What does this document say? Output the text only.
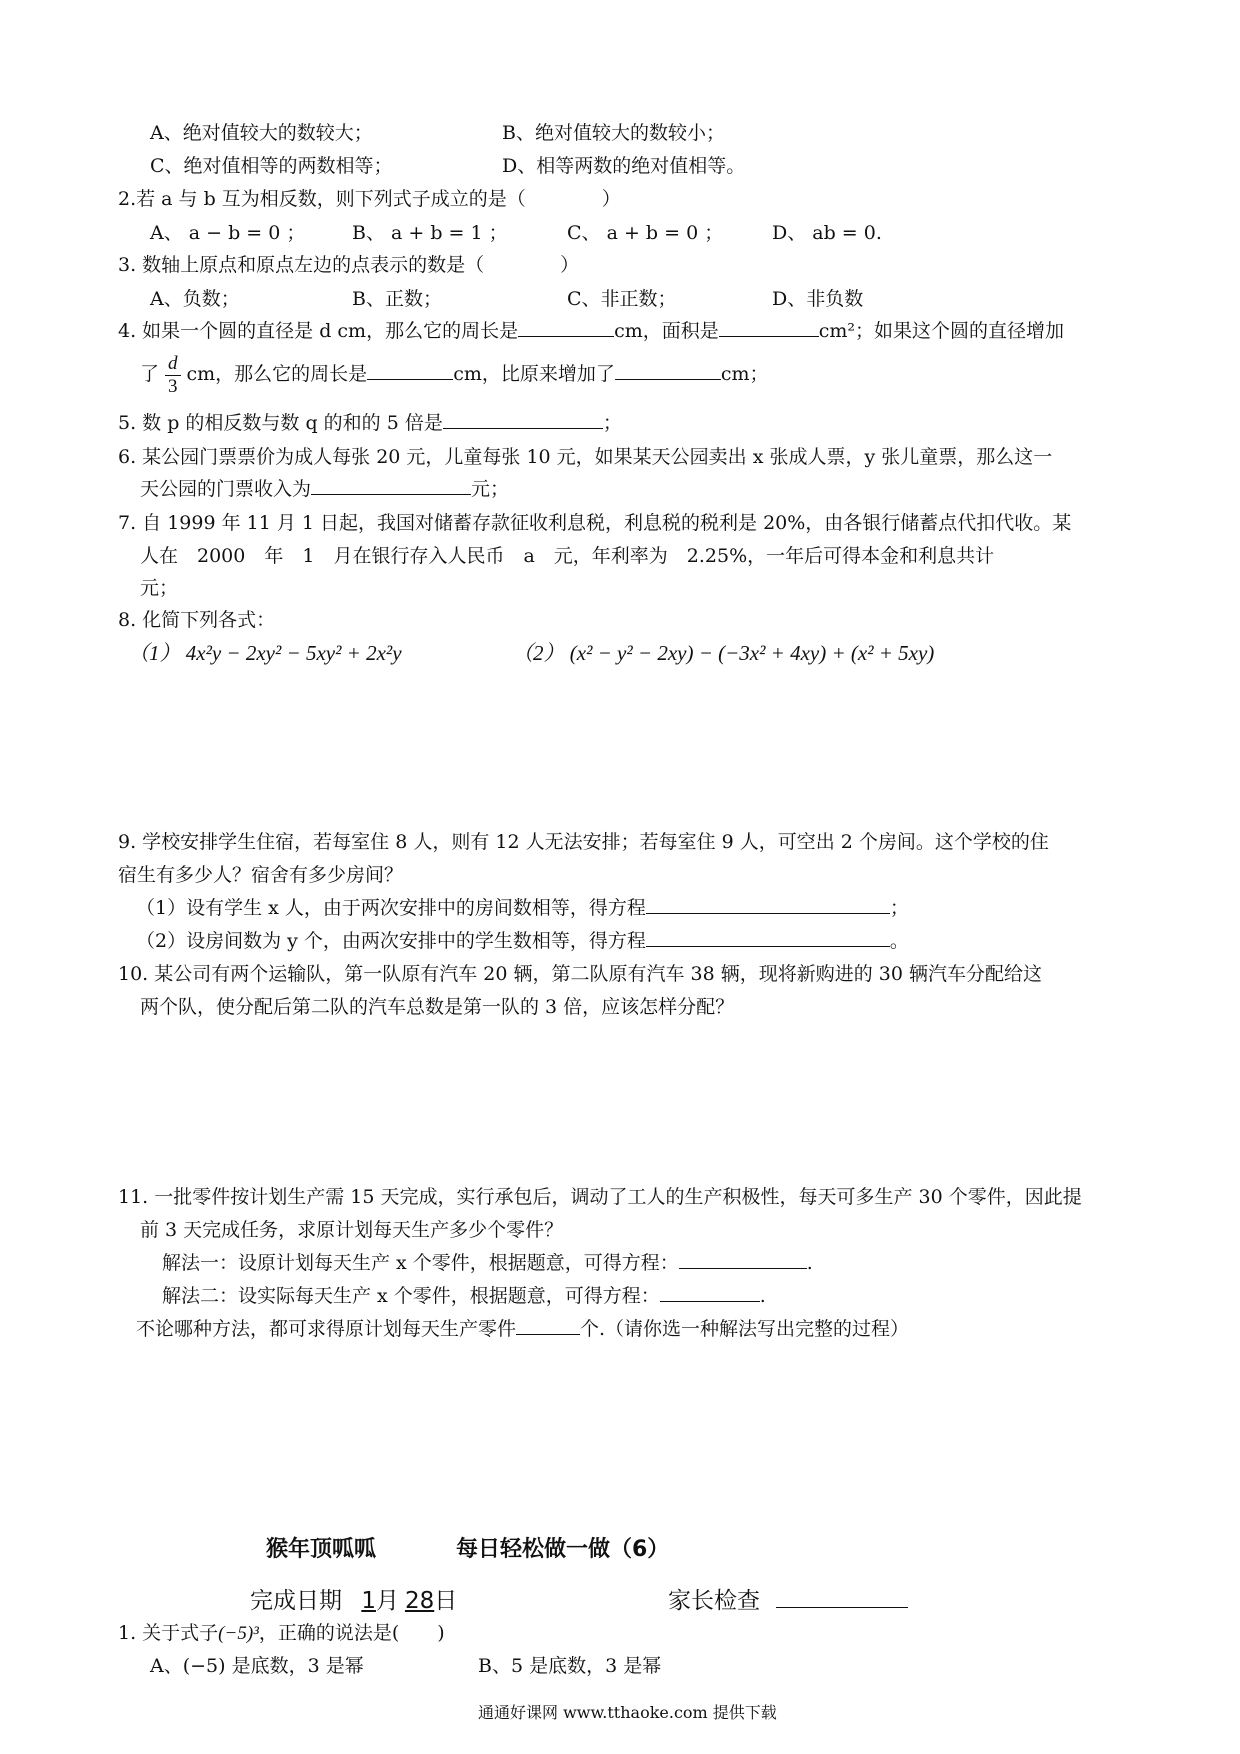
A、绝对值较大的数较大；	B、绝对值较大的数较小；
C、绝对值相等的两数相等；	D、相等两数的绝对值相等。
2.若 a 与 b 互为相反数，则下列式子成立的是（　　　　）
A、 a − b = 0 ； B、 a + b = 1 ；	C、 a + b = 0 ；	D、 ab = 0.
3. 数轴上原点和原点左边的点表示的数是（　　　　）
A、负数；	B、正数；	C、非正数；	D、非负数
4. 如果一个圆的直径是 d cm，那么它的周长是	cm，面积是	cm²；如果这个圆的直径增加
了 $\frac{d}{3}$ cm，那么它的周长是	cm，比原来增加了	cm；
5. 数 p 的相反数与数 q 的和的 5 倍是	；
6. 某公园门票票价为成人每张 20 元，儿童每张 10 元，如果某天公园卖出 x 张成人票，y 张儿童票，那么这一
天公园的门票收入为	元；
7. 自 1999 年 11 月 1 日起，我国对储蓄存款征收利息税，利息税的税利是 20%，由各银行储蓄点代扣代收。某
人在　2000　年　1　月在银行存入人民币　a　元，年利率为　2.25%，一年后可得本金和利息共计
元；
8. 化简下列各式：
（1） 4x²y − 2xy² − 5xy² + 2x²y	（2） (x² − y² − 2xy) − (−3x² + 4xy) + (x² + 5xy)
9. 学校安排学生住宿，若每室住 8 人，则有 12 人无法安排；若每室住 9 人，可空出 2 个房间。这个学校的住
宿生有多少人？宿舍有多少房间？
（1）设有学生 x 人，由于两次安排中的房间数相等，得方程	；
（2）设房间数为 y 个，由两次安排中的学生数相等，得方程	。
10. 某公司有两个运输队，第一队原有汽车 20 辆，第二队原有汽车 38 辆，现将新购进的 30 辆汽车分配给这
两个队，使分配后第二队的汽车总数是第一队的 3 倍，应该怎样分配？
11. 一批零件按计划生产需 15 天完成，实行承包后，调动了工人的生产积极性，每天可多生产 30 个零件，因此提
前 3 天完成任务，求原计划每天生产多少个零件？
解法一：设原计划每天生产 x 个零件，根据题意，可得方程：	.
解法二：设实际每天生产 x 个零件，根据题意，可得方程：	.
不论哪种方法，都可求得原计划每天生产零件	个.（请你选一种解法写出完整的过程）
猴年顶呱呱	每日轻松做一做（6）
完成日期 1月 28日	家长检查
1. 关于式子(−5)³，正确的说法是(　　)
A、(−5) 是底数，3 是幂	B、5 是底数，3 是幂
通通好课网 www.tthaoke.com 提供下载
